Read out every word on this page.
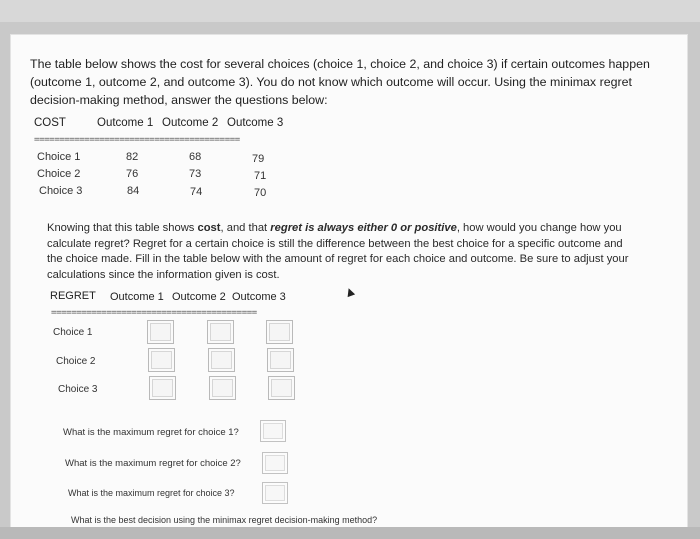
The table below shows the cost for several choices (choice 1, choice 2, and choice 3) if certain outcomes happen (outcome 1, outcome 2, and outcome 3). You do not know which outcome will occur. Using the minimax regret decision-making method, answer the questions below:
COST	Outcome 1 Outcome 2 Outcome 3
=========================================
Choice 1	82	68	79
Choice 2	76	73	71
Choice 3	84	74	70
Knowing that this table shows cost, and that regret is always either 0 or positive, how would you change how you calculate regret? Regret for a certain choice is still the difference between the best choice for a specific outcome and the choice made. Fill in the table below with the amount of regret for each choice and outcome. Be sure to adjust your calculations since the information given is cost.
REGRET Outcome 1 Outcome 2 Outcome 3
=========================================
Choice 1
Choice 2
Choice 3
What is the maximum regret for choice 1?
What is the maximum regret for choice 2?
What is the maximum regret for choice 3?
What is the best decision using the minimax regret decision-making method?
